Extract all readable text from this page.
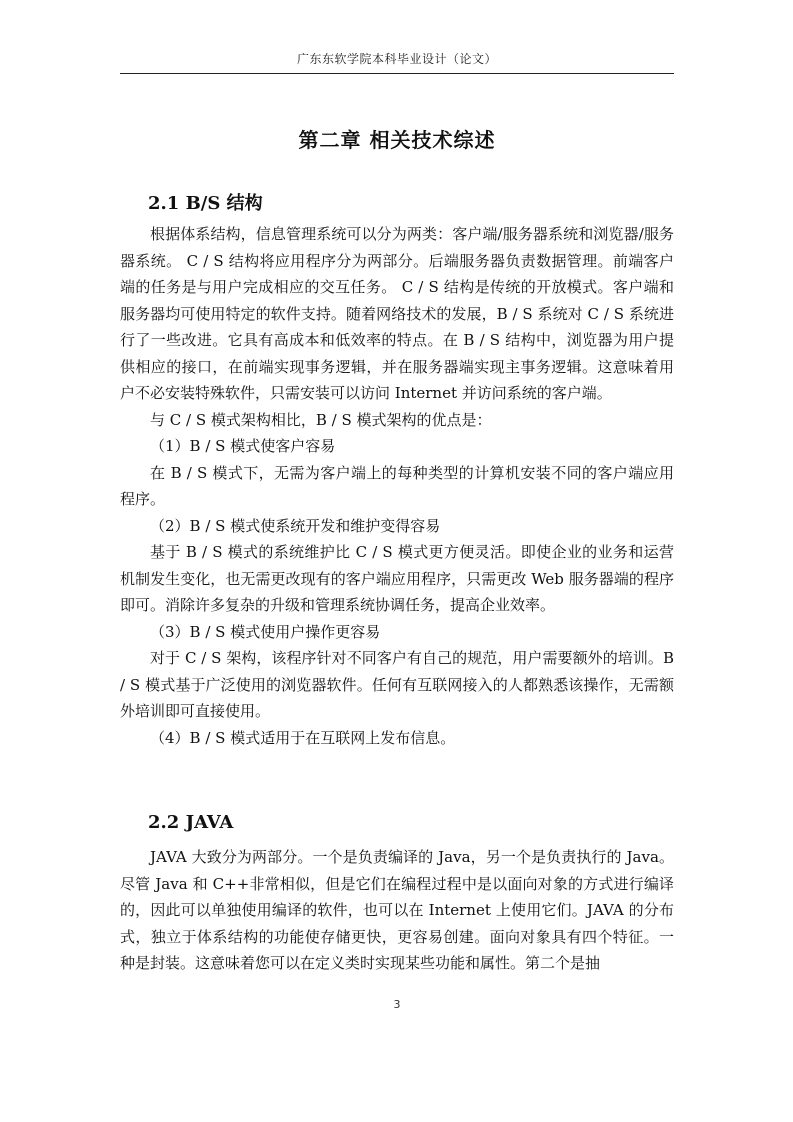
广东东软学院本科毕业设计（论文）
第二章 相关技术综述
2.1 B/S 结构

根据体系结构，信息管理系统可以分为两类：客户端/服务器系统和浏览器/服务器系统。 C / S 结构将应用程序分为两部分。后端服务器负责数据管理。前端客户端的任务是与用户完成相应的交互任务。 C / S 结构是传统的开放模式。客户端和服务器均可使用特定的软件支持。随着网络技术的发展，B / S 系统对 C / S 系统进行了一些改进。它具有高成本和低效率的特点。在 B / S 结构中，浏览器为用户提供相应的接口，在前端实现事务逻辑，并在服务器端实现主事务逻辑。这意味着用户不必安装特殊软件，只需安装可以访问 Internet 并访问系统的客户端。

与 C / S 模式架构相比，B / S 模式架构的优点是：

（1）B / S 模式使客户容易

在 B / S 模式下，无需为客户端上的每种类型的计算机安装不同的客户端应用程序。

（2）B / S 模式使系统开发和维护变得容易

基于 B / S 模式的系统维护比 C / S 模式更方便灵活。即使企业的业务和运营机制发生变化，也无需更改现有的客户端应用程序，只需更改 Web 服务器端的程序即可。消除许多复杂的升级和管理系统协调任务，提高企业效率。

（3）B / S 模式使用户操作更容易

对于 C / S 架构，该程序针对不同客户有自己的规范，用户需要额外的培训。B / S 模式基于广泛使用的浏览器软件。任何有互联网接入的人都熟悉该操作，无需额外培训即可直接使用。

（4）B / S 模式适用于在互联网上发布信息。

2.2 JAVA

JAVA 大致分为两部分。一个是负责编译的 Java，另一个是负责执行的 Java。尽管 Java 和 C++非常相似，但是它们在编程过程中是以面向对象的方式进行编译的，因此可以单独使用编译的软件，也可以在 Internet 上使用它们。JAVA 的分布式，独立于体系结构的功能使存储更快，更容易创建。面向对象具有四个特征。一种是封装。这意味着您可以在定义类时实现某些功能和属性。第二个是抽

3
